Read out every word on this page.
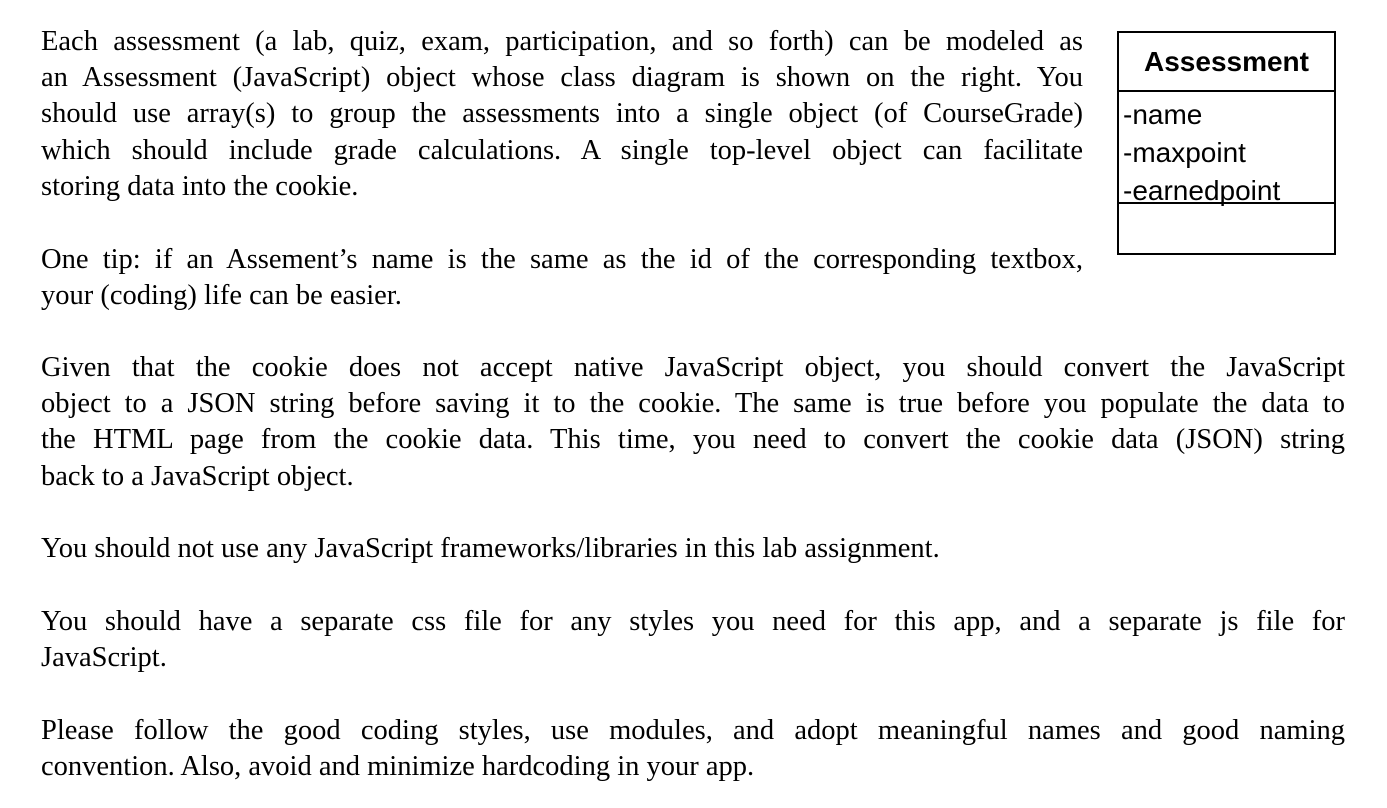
Each assessment (a lab, quiz, exam, participation, and so forth) can be modeled as
an Assessment (JavaScript) object whose class diagram is shown on the right. You
should use array(s) to group the assessments into a single object (of CourseGrade)
which should include grade calculations. A single top-level object can facilitate
storing data into the cookie.
One tip: if an Assement’s name is the same as the id of the corresponding textbox,
your (coding) life can be easier.
Given that the cookie does not accept native JavaScript object, you should convert the JavaScript
object to a JSON string before saving it to the cookie. The same is true before you populate the data to
the HTML page from the cookie data. This time, you need to convert the cookie data (JSON) string
back to a JavaScript object.
You should not use any JavaScript frameworks/libraries in this lab assignment.
You should have a separate css file for any styles you need for this app, and a separate js file for
JavaScript.
Please follow the good coding styles, use modules, and adopt meaningful names and good naming
convention. Also, avoid and minimize hardcoding in your app.
Assessment
-name
-maxpoint
-earnedpoint
